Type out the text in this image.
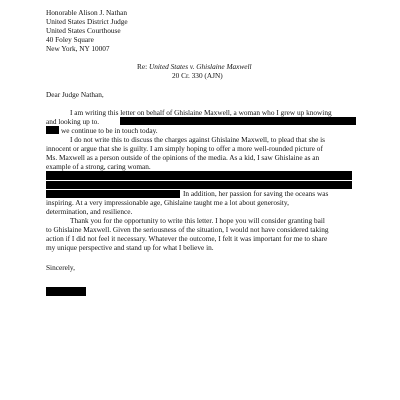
Honorable Alison J. Nathan
United States District Judge
United States Courthouse
40 Foley Square
New York, NY 10007
Re: United States v. Ghislaine Maxwell
20 Cr. 330 (AJN)
Dear Judge Nathan,
I am writing this letter on behalf of Ghislaine Maxwell, a woman who I grew up knowing
and looking up to.
we continue to be in touch today.
I do not write this to discuss the charges against Ghislaine Maxwell, to plead that she is
innocent or argue that she is guilty. I am simply hoping to offer a more well-rounded picture of
Ms. Maxwell as a person outside of the opinions of the media. As a kid, I saw Ghislaine as an
example of a strong, caring woman.
In addition, her passion for saving the oceans was
inspiring. At a very impressionable age, Ghislaine taught me a lot about generosity,
determination, and resilience.
Thank you for the opportunity to write this letter. I hope you will consider granting bail
to Ghislaine Maxwell. Given the seriousness of the situation, I would not have considered taking
action if I did not feel it necessary. Whatever the outcome, I felt it was important for me to share
my unique perspective and stand up for what I believe in.
Sincerely,
